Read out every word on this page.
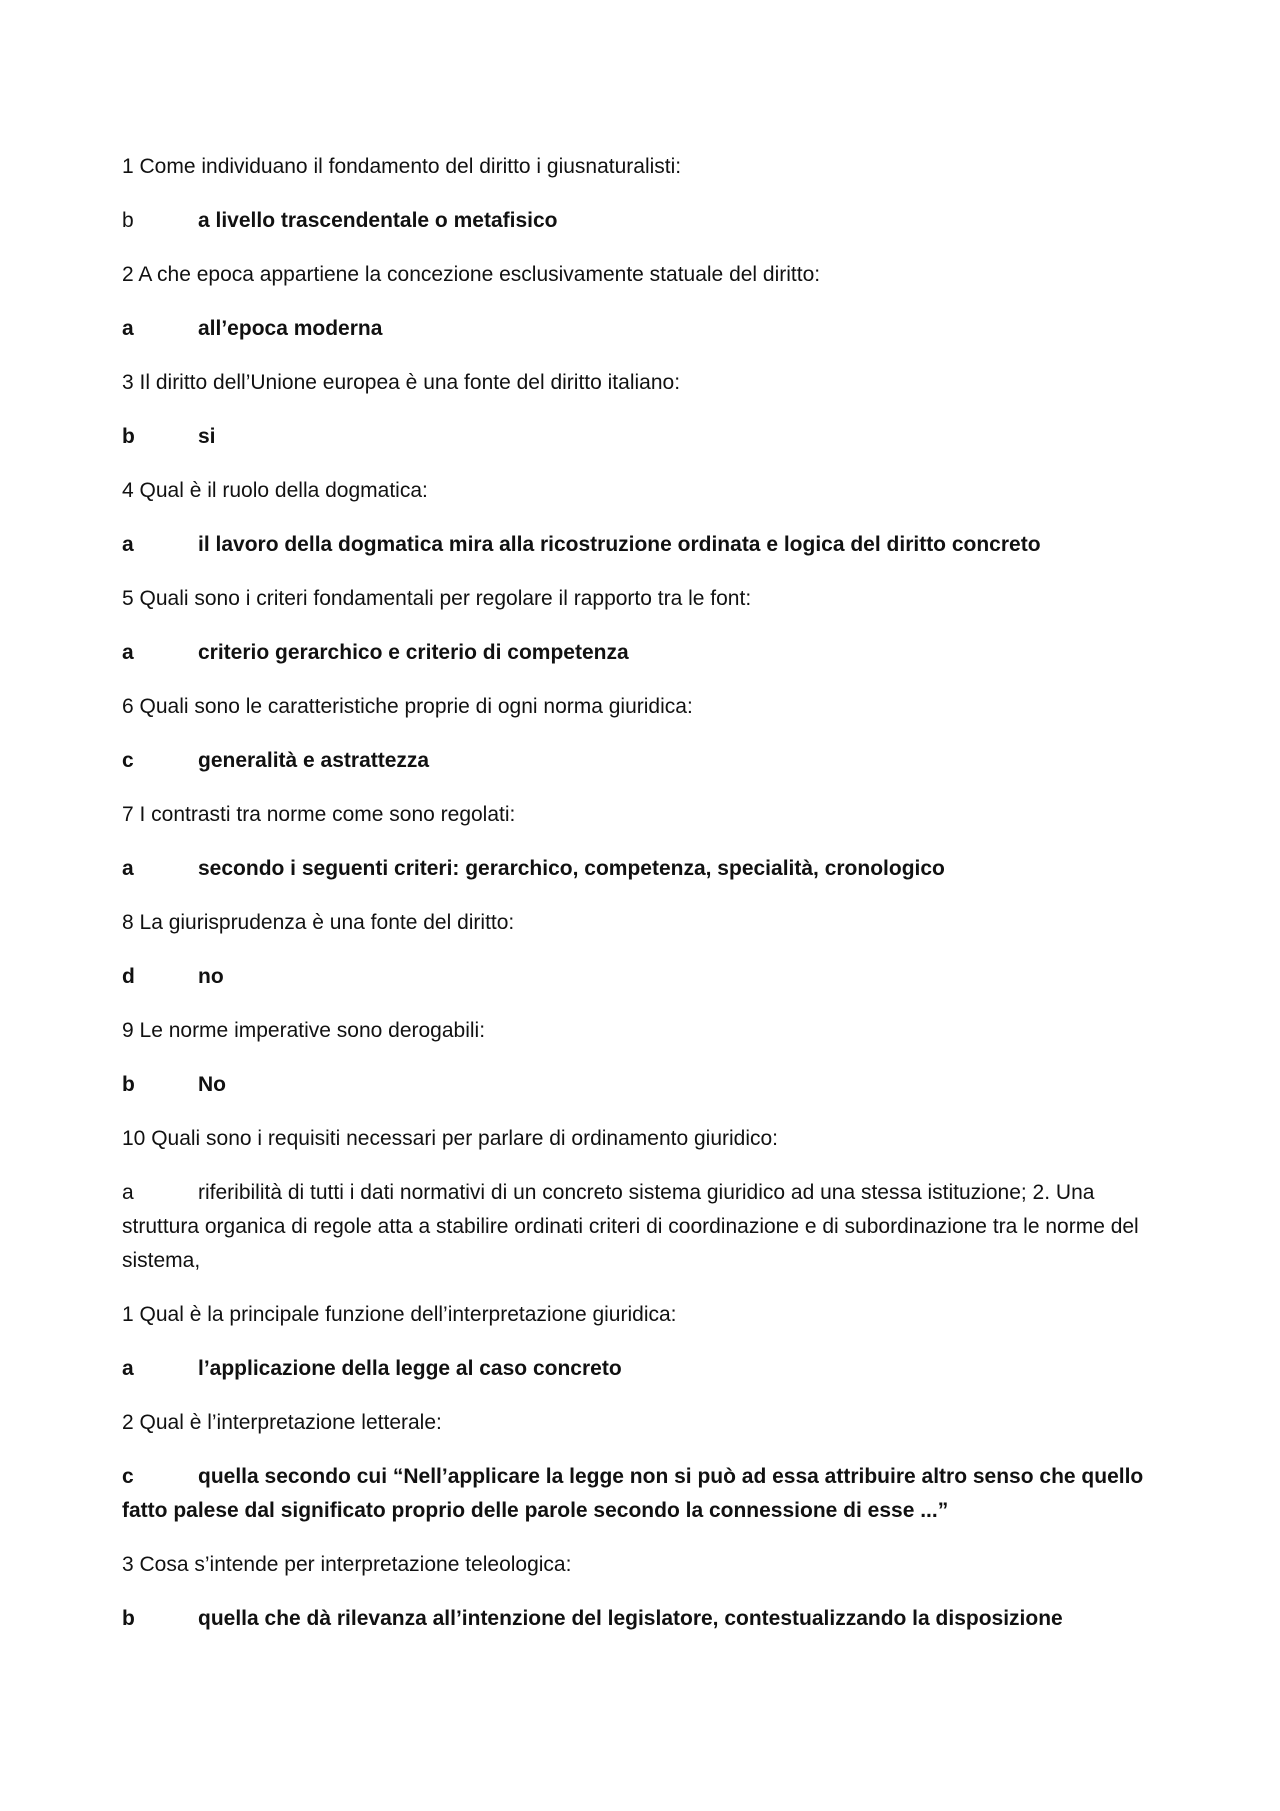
1 Come individuano il fondamento del diritto i giusnaturalisti:
b	a livello trascendentale o metafisico
2 A che epoca appartiene la concezione esclusivamente statuale del diritto:
a	all’epoca moderna
3 Il diritto dell’Unione europea è una fonte del diritto italiano:
b	si
4 Qual è il ruolo della dogmatica:
a	il lavoro della dogmatica mira alla ricostruzione ordinata e logica del diritto concreto
5 Quali sono i criteri fondamentali per regolare il rapporto tra le font:
a	criterio gerarchico e criterio di competenza
6 Quali sono le caratteristiche proprie di ogni norma giuridica:
c	generalità e astrattezza
7 I contrasti tra norme come sono regolati:
a	secondo i seguenti criteri: gerarchico, competenza, specialità, cronologico
8 La giurisprudenza è una fonte del diritto:
d	no
9 Le norme imperative sono derogabili:
b	No
10 Quali sono i requisiti necessari per parlare di ordinamento giuridico:
a	riferibilità di tutti i dati normativi di un concreto sistema giuridico ad una stessa istituzione; 2. Una struttura organica di regole atta a stabilire ordinati criteri di coordinazione e di subordinazione tra le norme del sistema,
1 Qual è la principale funzione dell’interpretazione giuridica:
a	l’applicazione della legge al caso concreto
2 Qual è l’interpretazione letterale:
c	quella secondo cui “Nell’applicare la legge non si può ad essa attribuire altro senso che quello fatto palese dal significato proprio delle parole secondo la connessione di esse ...”
3 Cosa s’intende per interpretazione teleologica:
b	quella che dà rilevanza all’intenzione del legislatore, contestualizzando la disposizione
